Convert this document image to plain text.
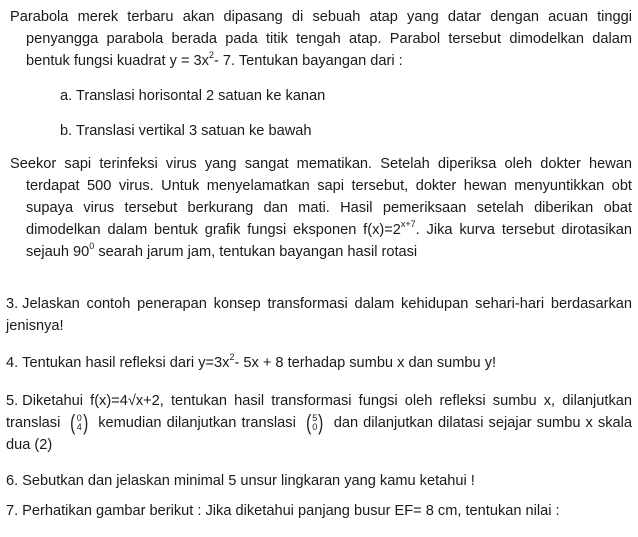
Parabola merek terbaru akan dipasang di sebuah atap yang datar dengan acuan tinggi penyangga parabola berada pada titik tengah atap. Parabol tersebut dimodelkan dalam bentuk fungsi kuadrat $y = 3x^2-$ 7. Tentukan bayangan dari :
a. Translasi horisontal 2 satuan ke kanan
b. Translasi vertikal 3 satuan ke bawah
Seekor sapi terinfeksi virus yang sangat mematikan. Setelah diperiksa oleh dokter hewan terdapat 500 virus. Untuk menyelamatkan sapi tersebut, dokter hewan menyuntikkan obt supaya virus tersebut berkurang dan mati. Hasil pemeriksaan setelah diberikan obat dimodelkan dalam bentuk grafik fungsi eksponen $f(x)=2^{x+7}$. Jika kurva tersebut dirotasikan sejauh $90^0$ searah jarum jam, tentukan bayangan hasil rotasi
3. Jelaskan contoh penerapan konsep transformasi dalam kehidupan sehari-hari berdasarkan jenisnya!
4. Tentukan hasil refleksi dari $y=3x^2-$ 5x + 8 terhadap sumbu x dan sumbu y!
5. Diketahui f(x)=4√x+2, tentukan hasil transformasi fungsi oleh refleksi sumbu x, dilanjutkan translasi ( 0
4 ) kemudian dilanjutkan translasi ( 5
0 ) dan dilanjutkan dilatasi sejajar sumbu x skala dua (2)
6. Sebutkan dan jelaskan minimal 5 unsur lingkaran yang kamu ketahui !
7. Perhatikan gambar berikut : Jika diketahui panjang busur EF= 8 cm, tentukan nilai :
